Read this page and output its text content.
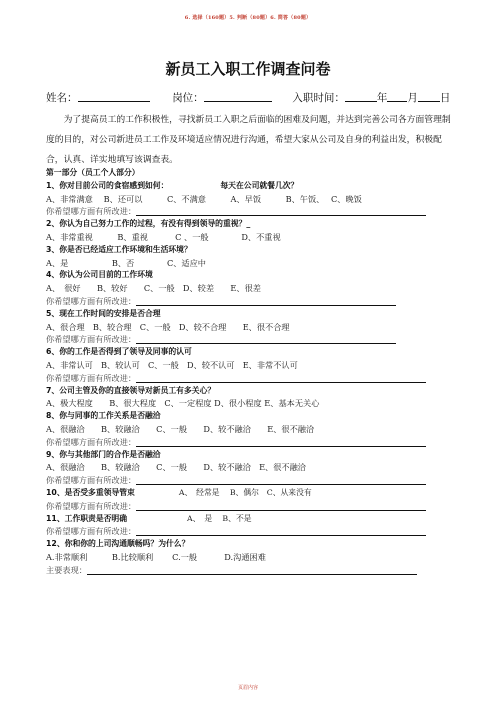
6. 选择（160题）5. 判断（80题）6. 简答（80题）
新员工入职工作调查问卷
姓名：	岗位：	入职时间：	年 月 日
为了提高员工的工作积极性，寻找新员工入职之后面临的困难及问题，并达到完善公司各方面管理制度的目的，对公司新进员工工作及环境适应情况进行沟通，希望大家从公司及自身的利益出发，积极配合，认真、详实地填写该调查表。
第一部分（员工个人部分）
1、你对目前公司的食宿感到如何：	每天在公司就餐几次？
A、非常满意　 B、还可以　　　C、不满意　　　A、早饭　　　B、午饭、　 C、晚饭
你希望哪方面有所改进：
2、你认为自己努力工作的过程，有没有得到领导的重视？_
A、非常重视　　　B、重视　　　 C 、一般　　　　D、不重视
3、你是否已经适应工作环境和生活环境？
A、是　　　　　 B、否　　　　C、适应中
4、你认为公司目前的工作环境
A、　很好　　B、较好　　C、一般　D、较差　　E、很差
你希望哪方面有所改进：
5、现在工作时间的安排是否合理
A、很合理　B、较合理　C、一般　D、较不合理　　E、很不合理
你希望哪方面有所改进：
6、你的工作是否得到了领导及同事的认可
A、非常认可　B、较认可　C、一般　D、较不认可　E、非常不认可
你希望哪方面有所改进：
7、公司主管及你的直接领导对新员工有多关心？
A、极大程度　　B、很大程度　C、一定程度 D、很小程度 E、基本无关心
8、你与同事的工作关系是否融洽
A、很融洽　　B、较融洽　　C、一般　　D、较不融洽　　E、很不融洽
你希望哪方面有所改进：
9、你与其他部门的合作是否融洽
A、很融洽　　B、较融洽　　C、一般　　D、较不融洽　E、很不融洽
你希望哪方面有所改进：
10、是否受多重领导管束	A、　经常是　 B、偶尔　C、从来没有
你希望哪方面有所改进：
11、工作职责是否明确	A、　是　 B、不是
你希望哪方面有所改进：
12、你和你的上司沟通顺畅吗？为什么？
A.非常顺利　　　B.比较顺利　　 C.一般　　　 D.沟通困难
主要表现：
页眉内容
